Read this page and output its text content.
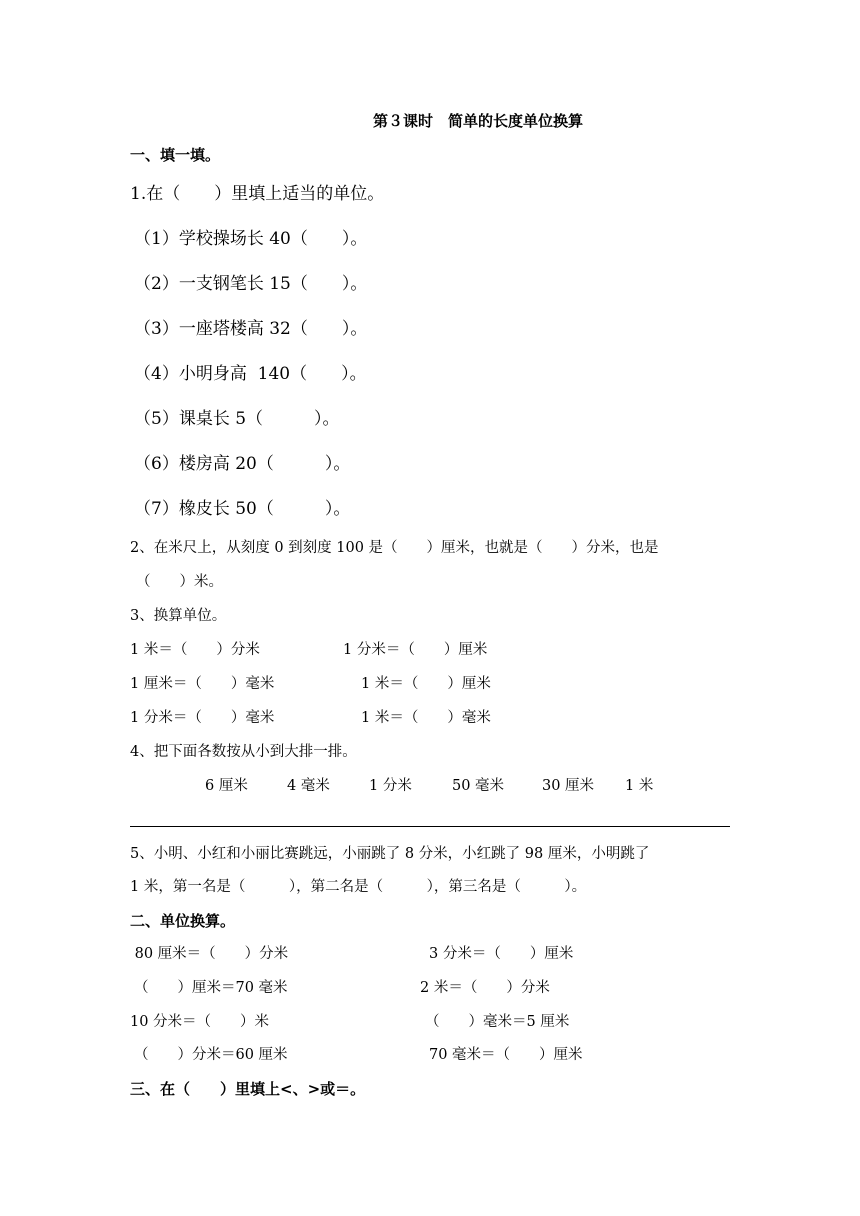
第３课时　简单的长度单位换算
一、填一填。
1.在（　　）里填上适当的单位。
（1）学校操场长 40（　　）。
（2）一支钢笔长 15（　　）。
（3）一座塔楼高 32（　　）。
（4）小明身高  140（　　）。
（5）课桌长 5（　　　）。
（6）楼房高 20（　　　）。
（7）橡皮长 50（　　　）。
2、在米尺上，从刻度 0 到刻度 100 是（　　）厘米，也就是（　　）分米，也是
（　　）米。
3、换算单位。
1 米＝（　　）分米	1 分米＝（　　）厘米
1 厘米＝（　　）毫米	1 米＝（　　）厘米
1 分米＝（　　）毫米	1 米＝（　　）毫米
4、把下面各数按从小到大排一排。
6 厘米	4 毫米	1 分米	50 毫米	30 厘米 1 米
5、小明、小红和小丽比赛跳远，小丽跳了 8 分米，小红跳了 98 厘米，小明跳了
1 米，第一名是（　　　），第二名是（　　　），第三名是（　　　）。
二、单位换算。
80 厘米＝（　　）分米	3 分米＝（　　）厘米
（　　）厘米＝70 毫米	2 米＝（　　）分米
10 分米＝（　　）米	（　　）毫米＝5 厘米
（　　）分米＝60 厘米	70 毫米＝（　　）厘米
三、在（　　）里填上<、>或＝。
